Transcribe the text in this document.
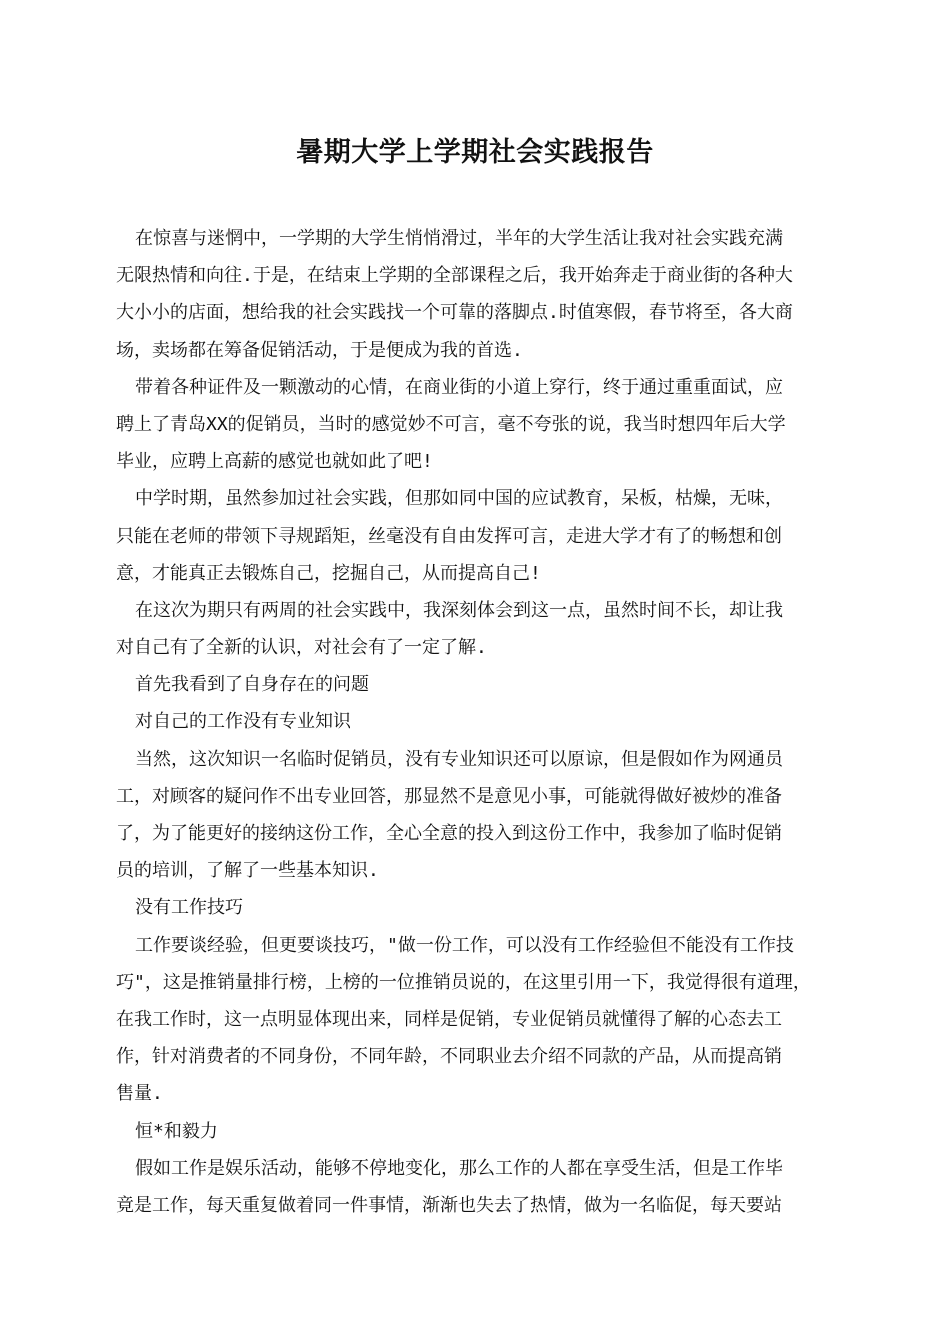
暑期大学上学期社会实践报告

在惊喜与迷惘中，一学期的大学生悄悄滑过，半年的大学生活让我对社会实践充满

无限热情和向往.于是，在结束上学期的全部课程之后，我开始奔走于商业街的各种大

大小小的店面，想给我的社会实践找一个可靠的落脚点.时值寒假，春节将至，各大商

场，卖场都在筹备促销活动，于是便成为我的首选.

带着各种证件及一颗激动的心情，在商业街的小道上穿行，终于通过重重面试，应

聘上了青岛XX的促销员，当时的感觉妙不可言，毫不夸张的说，我当时想四年后大学

毕业，应聘上高薪的感觉也就如此了吧!

中学时期，虽然参加过社会实践，但那如同中国的应试教育，呆板，枯燥，无味，

只能在老师的带领下寻规蹈矩，丝毫没有自由发挥可言，走进大学才有了的畅想和创

意，才能真正去锻炼自己，挖掘自己，从而提高自己!

在这次为期只有两周的社会实践中，我深刻体会到这一点，虽然时间不长，却让我

对自己有了全新的认识，对社会有了一定了解.

首先我看到了自身存在的问题

对自己的工作没有专业知识

当然，这次知识一名临时促销员，没有专业知识还可以原谅，但是假如作为网通员

工，对顾客的疑问作不出专业回答，那显然不是意见小事，可能就得做好被炒的准备

了，为了能更好的接纳这份工作，全心全意的投入到这份工作中，我参加了临时促销

员的培训，了解了一些基本知识.

没有工作技巧

工作要谈经验，但更要谈技巧，"做一份工作，可以没有工作经验但不能没有工作技

巧"，这是推销量排行榜，上榜的一位推销员说的，在这里引用一下，我觉得很有道理，

在我工作时，这一点明显体现出来，同样是促销，专业促销员就懂得了解的心态去工

作，针对消费者的不同身份，不同年龄，不同职业去介绍不同款的产品，从而提高销

售量.

恒*和毅力

假如工作是娱乐活动，能够不停地变化，那么工作的人都在享受生活，但是工作毕

竟是工作，每天重复做着同一件事情，渐渐也失去了热情，做为一名临促，每天要站
